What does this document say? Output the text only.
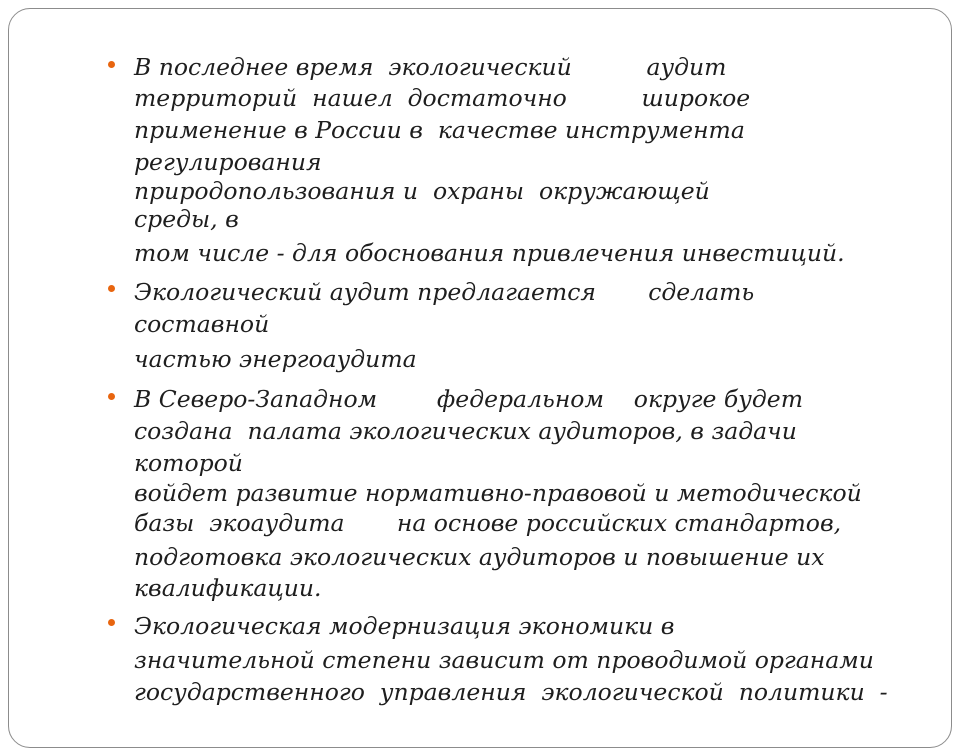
В последнее время  экологический          аудит
территорий  нашел  достаточно          широкое
применение в России в  качестве инструмента
регулирования
природопользования и  охраны  окружающей
среды, в
том числе - для обоснования привлечения инвестиций.
Экологический аудит предлагается       сделать
составной
частью энергоаудита
В Северо-Западном        федеральном    округе будет
создана  палата экологических аудиторов, в задачи
которой
войдет развитие нормативно-правовой и методической
базы  экоаудита       на основе российских стандартов,
подготовка экологических аудиторов и повышение их
квалификации.
Экологическая модернизация экономики в
значительной степени зависит от проводимой органами
государственного  управления  экологической  политики  -
